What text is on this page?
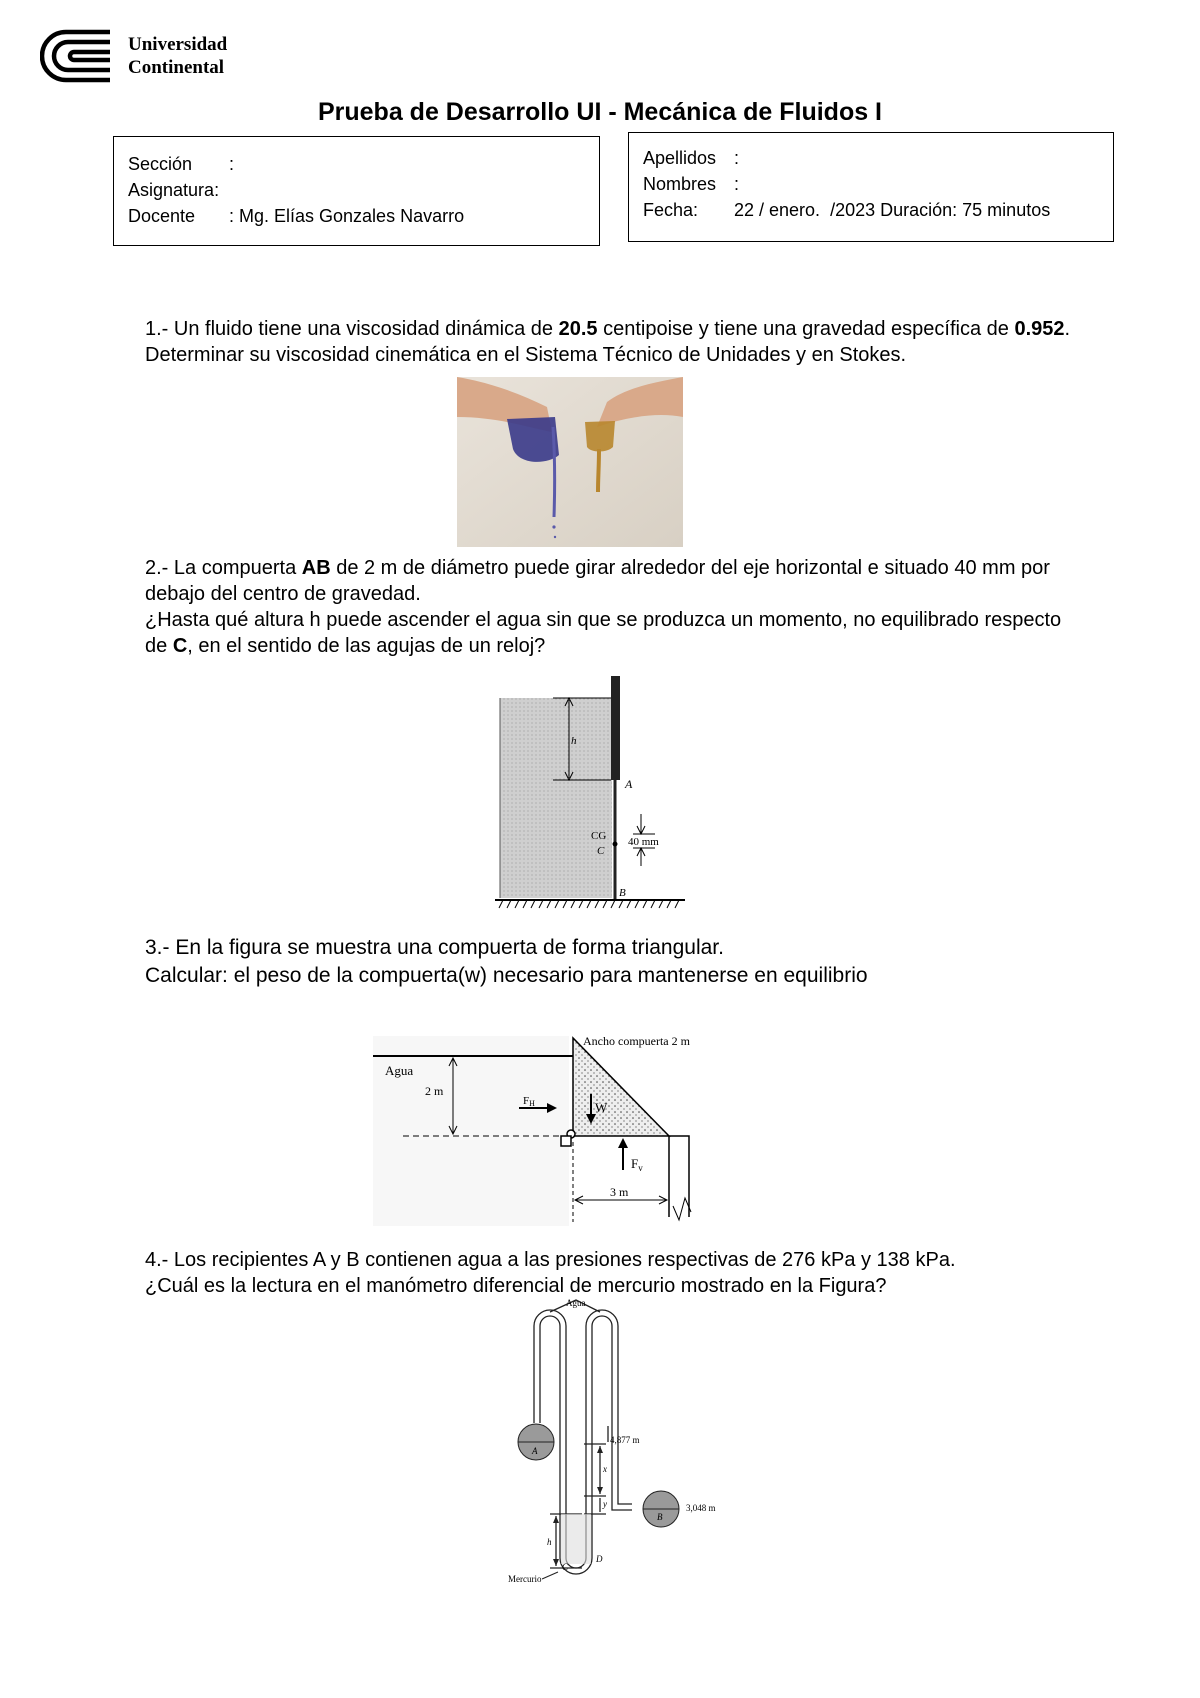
Universidad
Continental
Prueba de Desarrollo UI - Mecánica de Fluidos I
Sección	:
Asignatura :
Docente	: Mg. Elías Gonzales Navarro
Apellidos :
Nombres :
Fecha:	22 / enero.  /2023
Duración: 75 minutos
1.- Un fluido tiene una viscosidad dinámica de 20.5 centipoise y tiene una gravedad específica de 0.952. Determinar su viscosidad cinemática en el Sistema Técnico de Unidades y en Stokes.
2.- La compuerta AB de 2 m de diámetro puede girar alrededor del eje horizontal e situado 40 mm por debajo del centro de gravedad.
¿Hasta qué altura h puede ascender el agua sin que se produzca un momento, no equilibrado respecto de C, en el sentido de las agujas de un reloj?
h
A
CG
C
40 mm
B
3.- En la figura se muestra una compuerta de forma triangular.
Calcular: el peso de la compuerta(w) necesario para mantenerse en equilibrio
Ancho compuerta 2 m
Agua
2 m
FH	W
$F_v$
3 m
4.- Los recipientes A y B contienen agua a las presiones respectivas de 276 kPa y 138 kPa.
¿Cuál es la lectura en el manómetro diferencial de mercurio mostrado en la Figura?
Agua
A
B
4,877 m
3,048 m
x
y
h
C
D
Mercurio
